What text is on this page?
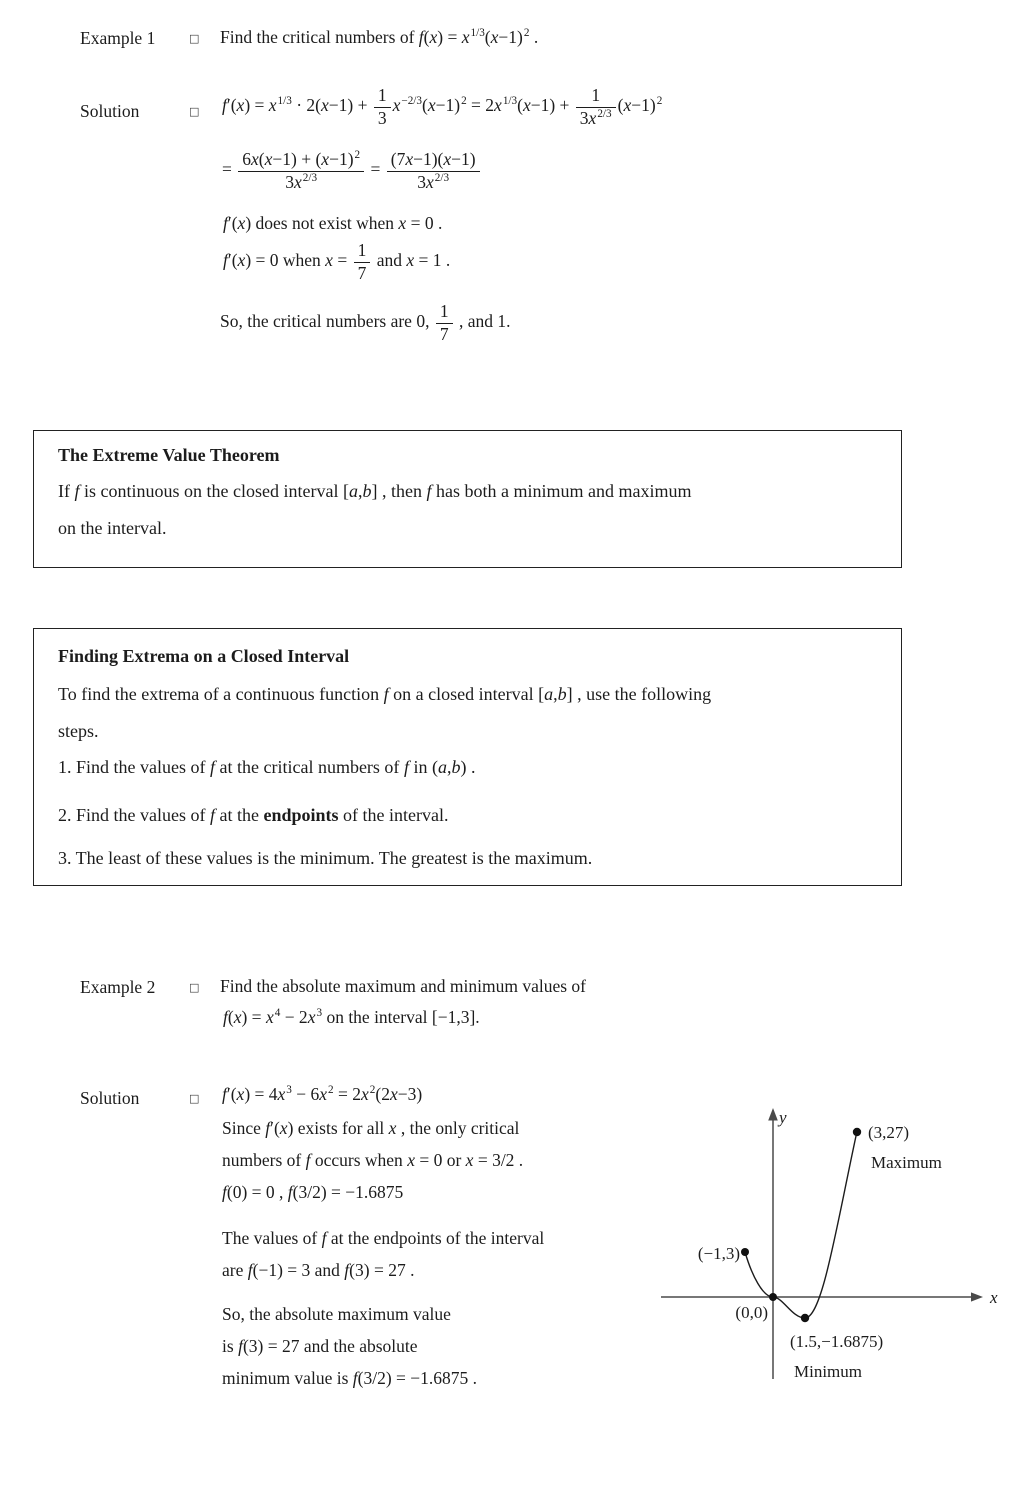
Example 1	□ Find the critical numbers of $f(x) = x^{1/3}(x-1)^2$ .
Solution	□ $f'(x) = x^{1/3} \cdot 2(x-1) + \frac{1}{3} x^{-2/3}(x-1)^2 = 2x^{1/3}(x-1) + \frac{1}{3x^{2/3}} (x-1)^2$
= $\frac{6x(x-1) + (x-1)^2}{3x^{2/3}} = \frac{(7x-1)(x-1)}{3x^{2/3}}$
f′(x) does not exist when x = 0 .
f′(x) = 0 when $x = \frac{1}{7}$ and x = 1 .
So, the critical numbers are 0, $\frac{1}{7}$ , and 1.
The Extreme Value Theorem
If f is continuous on the closed interval [a,b] , then f has both a minimum and maximum
on the interval.
Finding Extrema on a Closed Interval
To find the extrema of a continuous function f on a closed interval [a,b] , use the following
steps.
1. Find the values of f at the critical numbers of f in (a,b) .
2. Find the values of f at the endpoints of the interval.
3. The least of these values is the minimum. The greatest is the maximum.
Example 2	□ Find the absolute maximum and minimum values of
$f(x) = x^4 - 2x^3$ on the interval [−1,3].
Solution	□ $f'(x) = 4x^3 - 6x^2 = 2x^2(2x-3)$
Since f′(x) exists for all x , the only critical
numbers of f occurs when x = 0 or x = 3/2 .
f(0) = 0 , f(3/2) = −1.6875
The values of f at the endpoints of the interval
are f(−1) = 3 and f(3) = 27 .
So, the absolute maximum value
is f(3) = 27 and the absolute
minimum value is f(3/2) = −1.6875 .
y
x
(3,27)
Maximum
(−1,3)
(0,0)
(1.5,−1.6875)
Minimum
